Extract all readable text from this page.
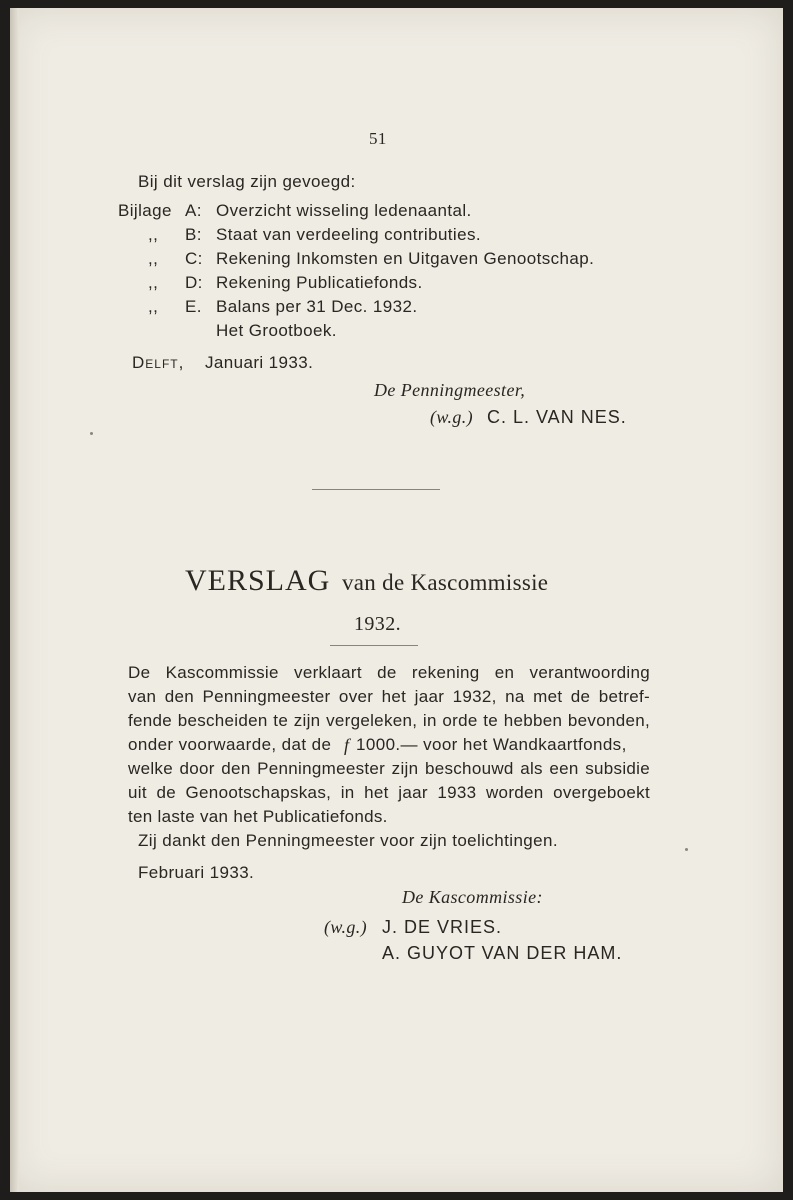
51
Bij dit verslag zijn gevoegd:
Bijlage A: Overzicht wisseling ledenaantal.
,, B: Staat van verdeeling contributies.
,, C: Rekening Inkomsten en Uitgaven Genootschap.
,, D: Rekening Publicatiefonds.
,, E. Balans per 31 Dec. 1932.
Het Grootboek.
Delft, Januari 1933.
De Penningmeester,
(w.g.) C. L. VAN NES.
VERSLAG van de Kascommissie
1932.
De Kascommissie verklaart de rekening en verantwoording
van den Penningmeester over het jaar 1932, na met de betref-
fende bescheiden te zijn vergeleken, in orde te hebben bevonden,
onder voorwaarde, dat de f 1000.— voor het Wandkaartfonds,
welke door den Penningmeester zijn beschouwd als een subsidie
uit de Genootschapskas, in het jaar 1933 worden overgeboekt
ten laste van het Publicatiefonds.
Zij dankt den Penningmeester voor zijn toelichtingen.
Februari 1933.
De Kascommissie:
(w.g.) J. DE VRIES.
A. GUYOT VAN DER HAM.
